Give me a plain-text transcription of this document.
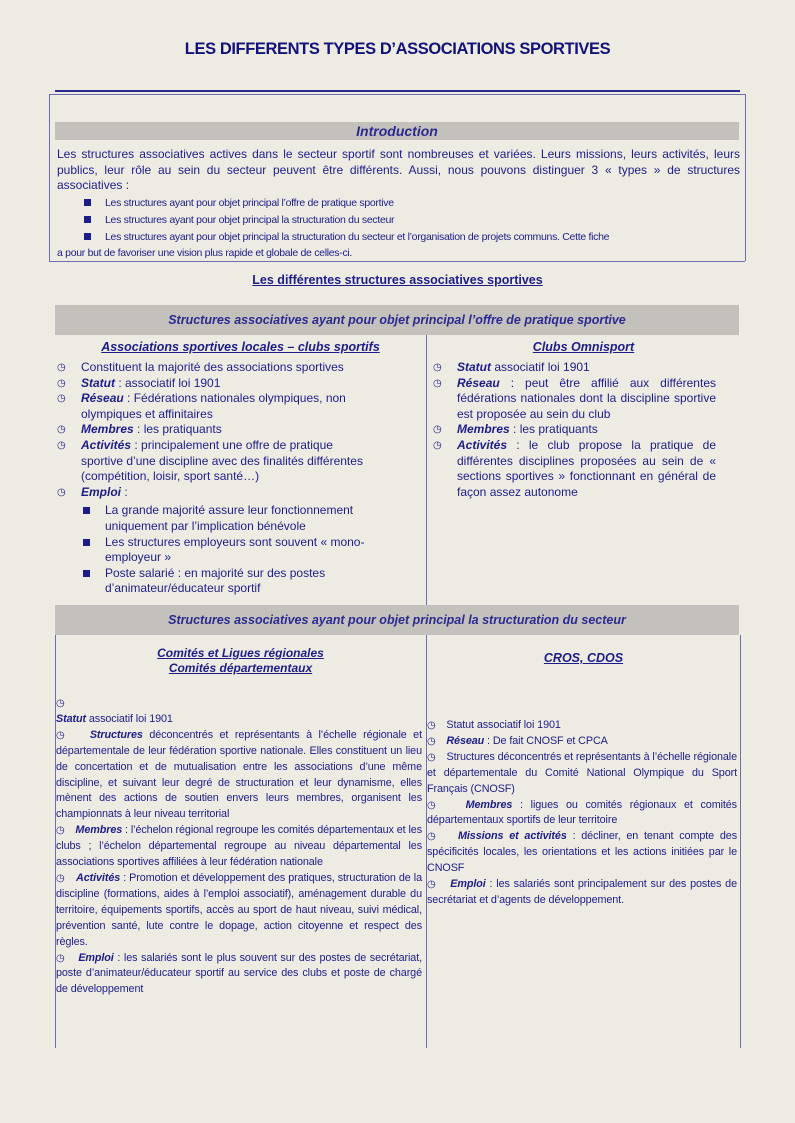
LES DIFFERENTS TYPES D’ASSOCIATIONS SPORTIVES
Introduction
Les structures associatives actives dans le secteur sportif sont nombreuses et variées. Leurs missions, leurs activités, leurs publics, leur rôle au sein du secteur peuvent être différents. Aussi, nous pouvons distinguer 3 « types » de structures associatives :
Les structures ayant pour objet principal l’offre de pratique sportive
Les structures ayant pour objet principal la structuration du secteur
Les structures ayant pour objet principal la structuration du secteur et l’organisation de projets communs. Cette fiche
a pour but de favoriser une vision plus rapide et globale de celles-ci.
Les différentes structures associatives sportives
Structures associatives ayant pour objet principal l’offre de pratique sportive
Associations sportives locales – clubs sportifs	Clubs Omnisport
◷ Constituent la majorité des associations sportives
◷ Statut : associatif loi 1901
◷ Réseau : Fédérations nationales olympiques, non olympiques et affinitaires
◷ Membres : les pratiquants
◷ Activités : principalement une offre de pratique sportive d’une discipline avec des finalités différentes (compétition, loisir, sport santé…)
◷ Emploi :
La grande majorité assure leur fonctionnement uniquement par l’implication bénévole
Les structures employeurs sont souvent « mono-employeur »
Poste salarié : en majorité sur des postes d’animateur/éducateur sportif
◷ Statut associatif loi 1901
◷ Réseau : peut être affilié aux différentes fédérations nationales dont la discipline sportive est proposée au sein du club
◷ Membres : les pratiquants
◷ Activités : le club propose la pratique de différentes disciplines proposées au sein de « sections sportives » fonctionnant en général de façon assez autonome
Structures associatives ayant pour objet principal la structuration du secteur
Comités et Ligues régionales
Comités départementaux
CROS, CDOS
◷
Statut associatif loi 1901
◷    Structures déconcentrés et représentants à l’échelle régionale et départementale de leur fédération sportive nationale. Elles constituent un lieu de concertation et de mutualisation entre les associations d’une même discipline, et suivant leur degré de structuration et leur dynamisme, elles mènent des actions de soutien envers leurs membres, organisent les championnats à leur niveau territorial
◷    Membres : l’échelon régional regroupe les comités départementaux et les clubs ; l’échelon départemental regroupe au niveau départemental les associations sportives affiliées à leur fédération nationale
◷    Activités : Promotion et développement des pratiques, structuration de la discipline (formations, aides à l’emploi associatif), aménagement durable du territoire, équipements sportifs, accès au sport de haut niveau, suivi médical, prévention santé, lute contre le dopage, action citoyenne et respect des règles.
◷    Emploi : les salariés sont le plus souvent sur des postes de secrétariat, poste d’animateur/éducateur sportif au service des clubs et poste de chargé de développement
◷    Statut associatif loi 1901
◷    Réseau : De fait CNOSF et CPCA
◷    Structures déconcentrés et représentants à l’échelle régionale et départementale du Comité National Olympique du Sport Français (CNOSF)
◷    Membres : ligues ou comités régionaux et comités départementaux sportifs de leur territoire
◷    Missions et activités : décliner, en tenant compte des spécificités locales, les orientations et les actions initiées par le CNOSF
◷    Emploi : les salariés sont principalement sur des postes de secrétariat et d’agents de développement.
